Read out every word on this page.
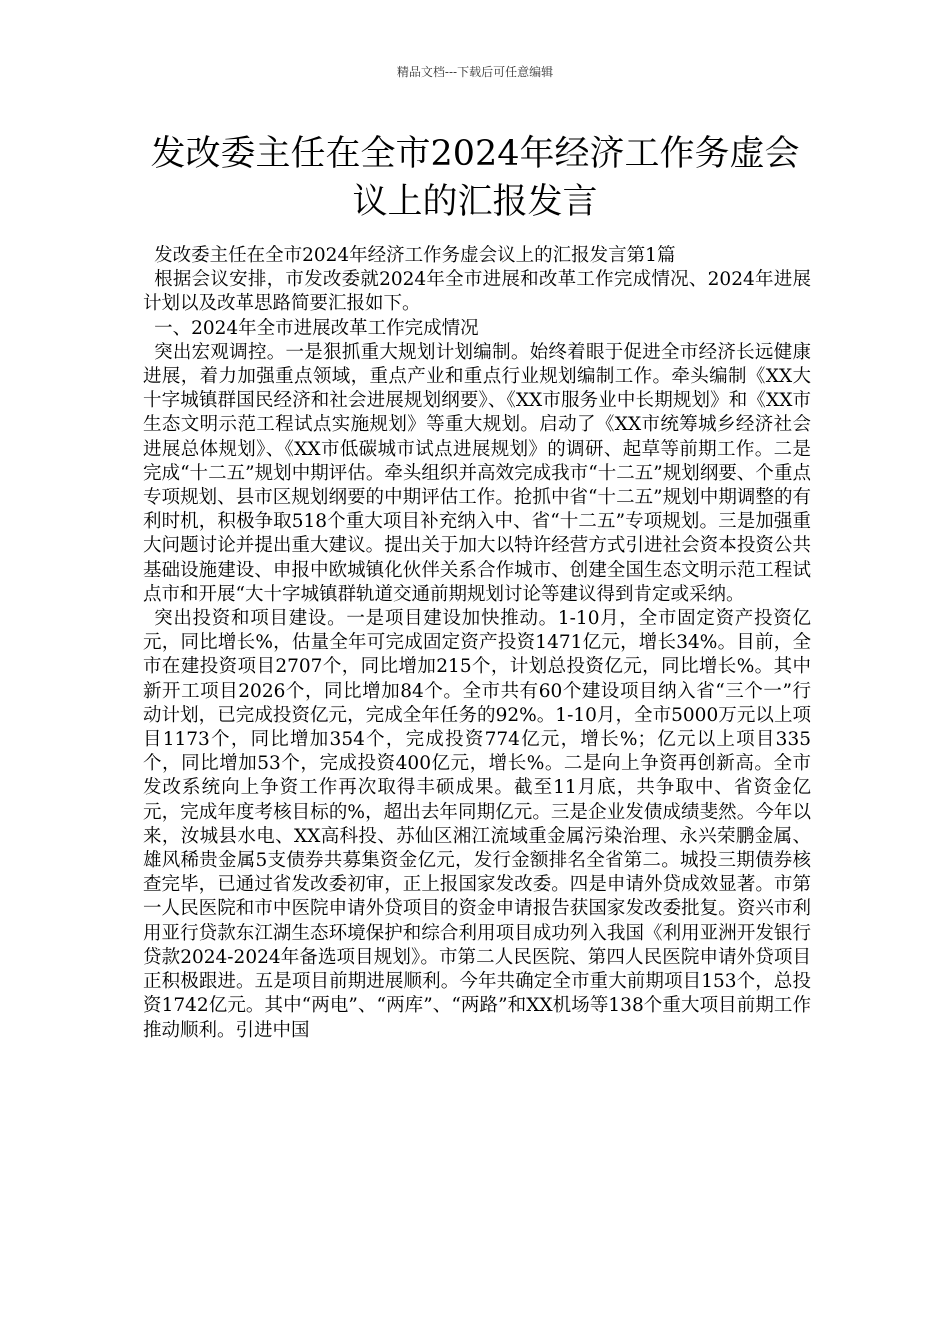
精品文档---下载后可任意编辑
发改委主任在全市2024年经济工作务虚会议上的汇报发言

发改委主任在全市2024年经济工作务虚会议上的汇报发言第1篇

根据会议安排，市发改委就2024年全市进展和改革工作完成情况、2024年进展计划以及改革思路简要汇报如下。

一、2024年全市进展改革工作完成情况

突出宏观调控。一是狠抓重大规划计划编制。始终着眼于促进全市经济长远健康进展，着力加强重点领域，重点产业和重点行业规划编制工作。牵头编制《XX大十字城镇群国民经济和社会进展规划纲要》、《XX市服务业中长期规划》和《XX市生态文明示范工程试点实施规划》等重大规划。启动了《XX市统筹城乡经济社会进展总体规划》、《XX市低碳城市试点进展规划》的调研、起草等前期工作。二是完成“十二五”规划中期评估。牵头组织并高效完成我市“十二五”规划纲要、个重点专项规划、县市区规划纲要的中期评估工作。抢抓中省“十二五”规划中期调整的有利时机，积极争取518个重大项目补充纳入中、省“十二五”专项规划。三是加强重大问题讨论并提出重大建议。提出关于加大以特许经营方式引进社会资本投资公共基础设施建设、申报中欧城镇化伙伴关系合作城市、创建全国生态文明示范工程试点市和开展“大十字城镇群轨道交通前期规划讨论等建议得到肯定或采纳。

突出投资和项目建设。一是项目建设加快推动。1-10月，全市固定资产投资亿元，同比增长%，估量全年可完成固定资产投资1471亿元，增长34%。目前，全市在建投资项目2707个，同比增加215个，计划总投资亿元，同比增长%。其中新开工项目2026个，同比增加84个。全市共有60个建设项目纳入省“三个一”行动计划，已完成投资亿元，完成全年任务的92%。1-10月，全市5000万元以上项目1173个，同比增加354个，完成投资774亿元，增长%；亿元以上项目335个，同比增加53个，完成投资400亿元，增长%。二是向上争资再创新高。全市发改系统向上争资工作再次取得丰硕成果。截至11月底，共争取中、省资金亿元，完成年度考核目标的%，超出去年同期亿元。三是企业发债成绩斐然。今年以来，汝城县水电、XX高科投、苏仙区湘江流域重金属污染治理、永兴荣鹏金属、雄风稀贵金属5支债券共募集资金亿元，发行金额排名全省第二。城投三期债券核查完毕，已通过省发改委初审，正上报国家发改委。四是申请外贷成效显著。市第一人民医院和市中医院申请外贷项目的资金申请报告获国家发改委批复。资兴市利用亚行贷款东江湖生态环境保护和综合利用项目成功列入我国《利用亚洲开发银行贷款2024-2024年备选项目规划》。市第二人民医院、第四人民医院申请外贷项目正积极跟进。五是项目前期进展顺利。今年共确定全市重大前期项目153个，总投资1742亿元。其中“两电”、“两库”、“两路”和XX机场等138个重大项目前期工作推动顺利。引进中国
